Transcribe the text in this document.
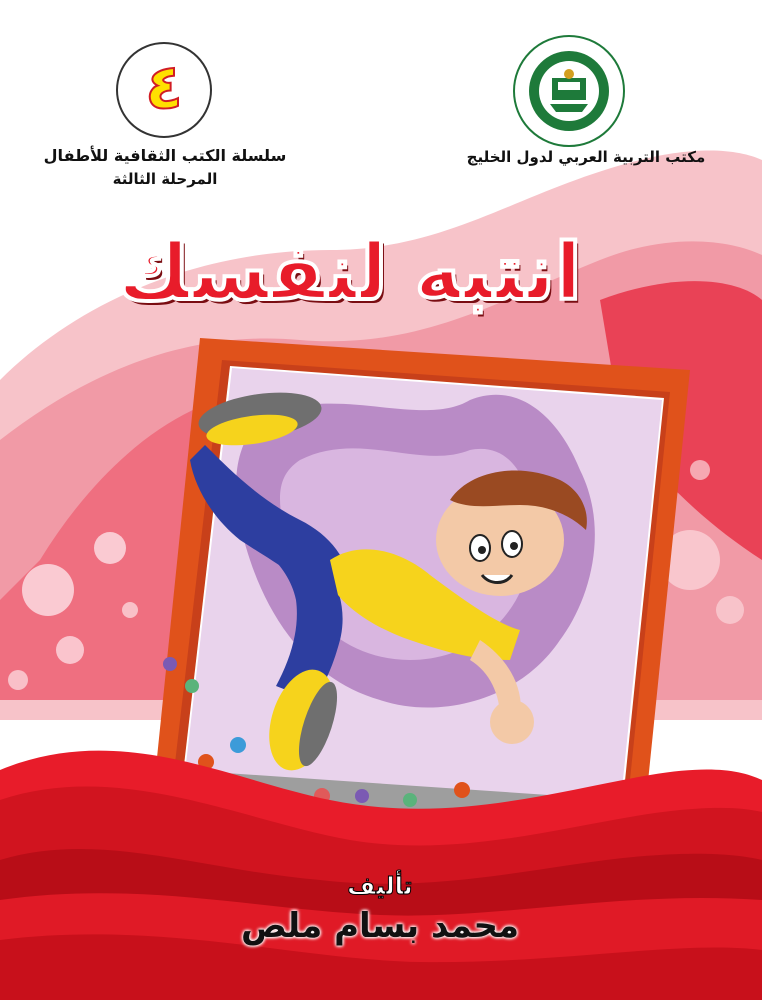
٤
سلسلة الكتب الثقافية للأطفال
المرحلة الثالثة
مكتب التربية العربي لدول الخليج
انتبه لنفسك
تأليف
محمد بسام ملص
